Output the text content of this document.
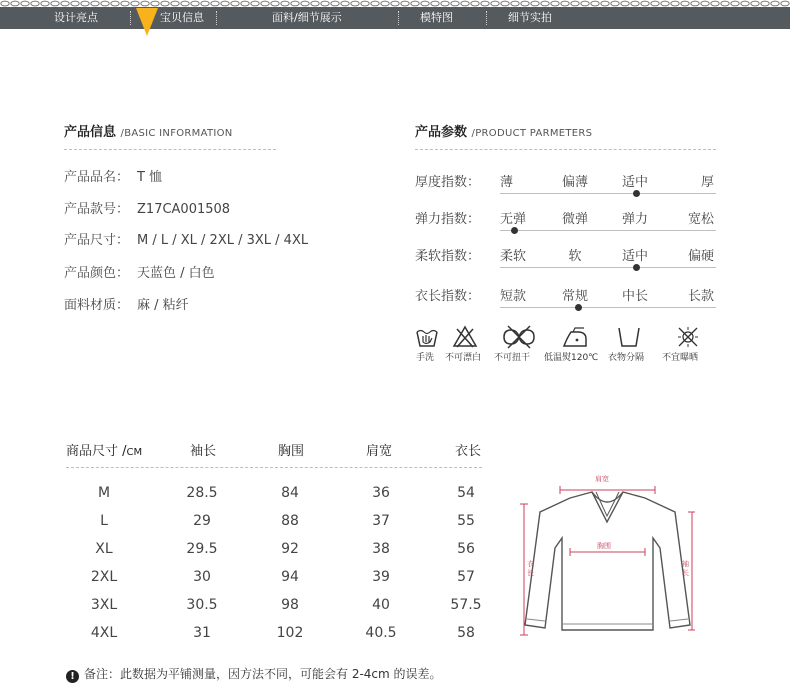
设计亮点	宝贝信息	面料/细节展示	模特图	细节实拍
产品信息 /BASIC INFORMATION
产品品名： T 恤
产品款号： Z17CA001508
产品尺寸： M / L / XL / 2XL / 3XL / 4XL
产品颜色： 天蓝色 / 白色
面料材质： 麻 / 粘纤
产品参数 /PRODUCT PARMETERS
厚度指数： 薄	偏薄	适中	厚
弹力指数： 无弹	微弹	弹力	宽松
柔软指数： 柔软	软	适中	偏硬
衣长指数： 短款	常规	中长	长款
手洗 不可漂白 不可扭干 低温熨120℃ 衣物分隔 不宜曝晒
商品尺寸 /CM	袖长	胸围	肩宽	衣长
M	28.5	84	36	54
L	29	88	37	55
XL	29.5	92	38	56
2XL	30	94	39	57
3XL	30.5	98	40	57.5
4XL	31	102	40.5	58
肩宽
胸围
衣长
袖长
! 备注：此数据为平铺测量，因方法不同，可能会有 2-4cm 的误差。
